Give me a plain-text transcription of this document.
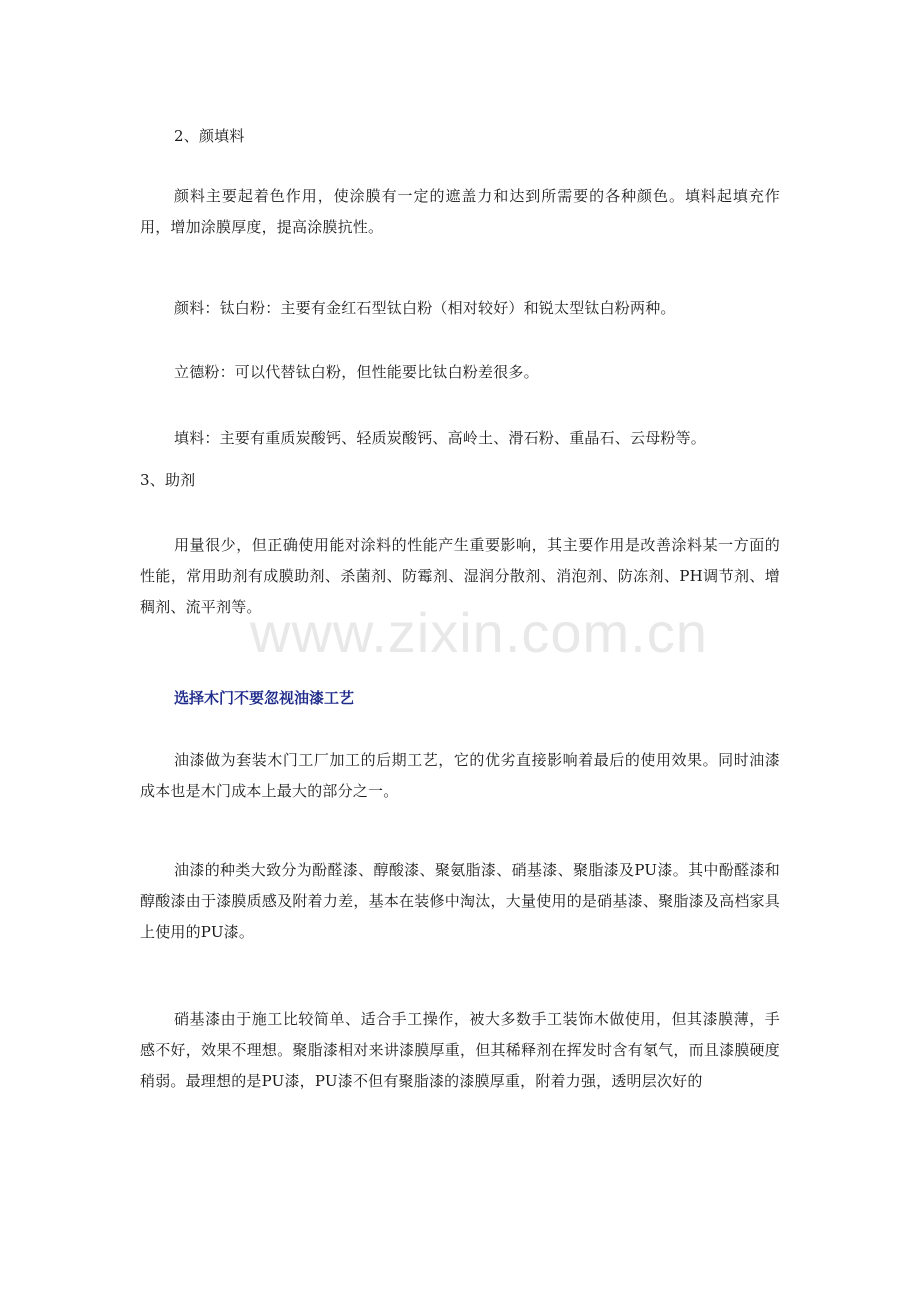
2、颜填料
颜料主要起着色作用，使涂膜有一定的遮盖力和达到所需要的各种颜色。填料起填充作用，增加涂膜厚度，提高涂膜抗性。
颜料：钛白粉：主要有金红石型钛白粉（相对较好）和锐太型钛白粉两种。
立德粉：可以代替钛白粉，但性能要比钛白粉差很多。
填料：主要有重质炭酸钙、轻质炭酸钙、高岭土、滑石粉、重晶石、云母粉等。
3、助剂
用量很少，但正确使用能对涂料的性能产生重要影响，其主要作用是改善涂料某一方面的性能，常用助剂有成膜助剂、杀菌剂、防霉剂、湿润分散剂、消泡剂、防冻剂、PH调节剂、增稠剂、流平剂等。
选择木门不要忽视油漆工艺
油漆做为套装木门工厂加工的后期工艺，它的优劣直接影响着最后的使用效果。同时油漆成本也是木门成本上最大的部分之一。
油漆的种类大致分为酚醛漆、醇酸漆、聚氨脂漆、硝基漆、聚脂漆及PU漆。其中酚醛漆和醇酸漆由于漆膜质感及附着力差，基本在装修中淘汰，大量使用的是硝基漆、聚脂漆及高档家具上使用的PU漆。
硝基漆由于施工比较简单、适合手工操作，被大多数手工装饰木做使用，但其漆膜薄，手感不好，效果不理想。聚脂漆相对来讲漆膜厚重，但其稀释剂在挥发时含有氡气，而且漆膜硬度稍弱。最理想的是PU漆，PU漆不但有聚脂漆的漆膜厚重，附着力强，透明层次好的
www.zixin.com.cn
